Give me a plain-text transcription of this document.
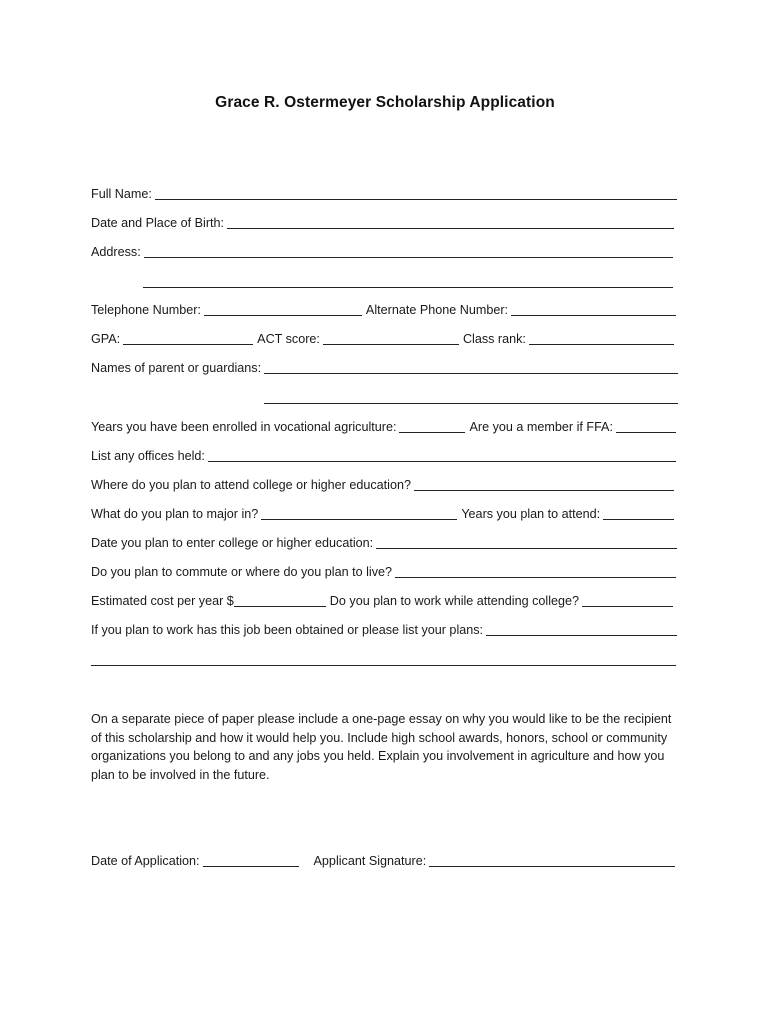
Grace R. Ostermeyer Scholarship Application
Full Name:
Date and Place of Birth:
Address:
Telephone Number:	Alternate Phone Number:
GPA:	ACT score:	Class rank:
Names of parent or guardians:
Years you have been enrolled in vocational agriculture:	Are you a member if FFA:
List any offices held:
Where do you plan to attend college or higher education?
What do you plan to major in?	Years you plan to attend:
Date you plan to enter college or higher education:
Do you plan to commute or where do you plan to live?
Estimated cost per year $	Do you plan to work while attending college?
If you plan to work has this job been obtained or please list your plans:
On a separate piece of paper please include a one-page essay on why you would like to be the recipient of this scholarship and how it would help you. Include high school awards, honors, school or community organizations you belong to and any jobs you held. Explain you involvement in agriculture and how you plan to be involved in the future.
Date of Application:	Applicant Signature:
